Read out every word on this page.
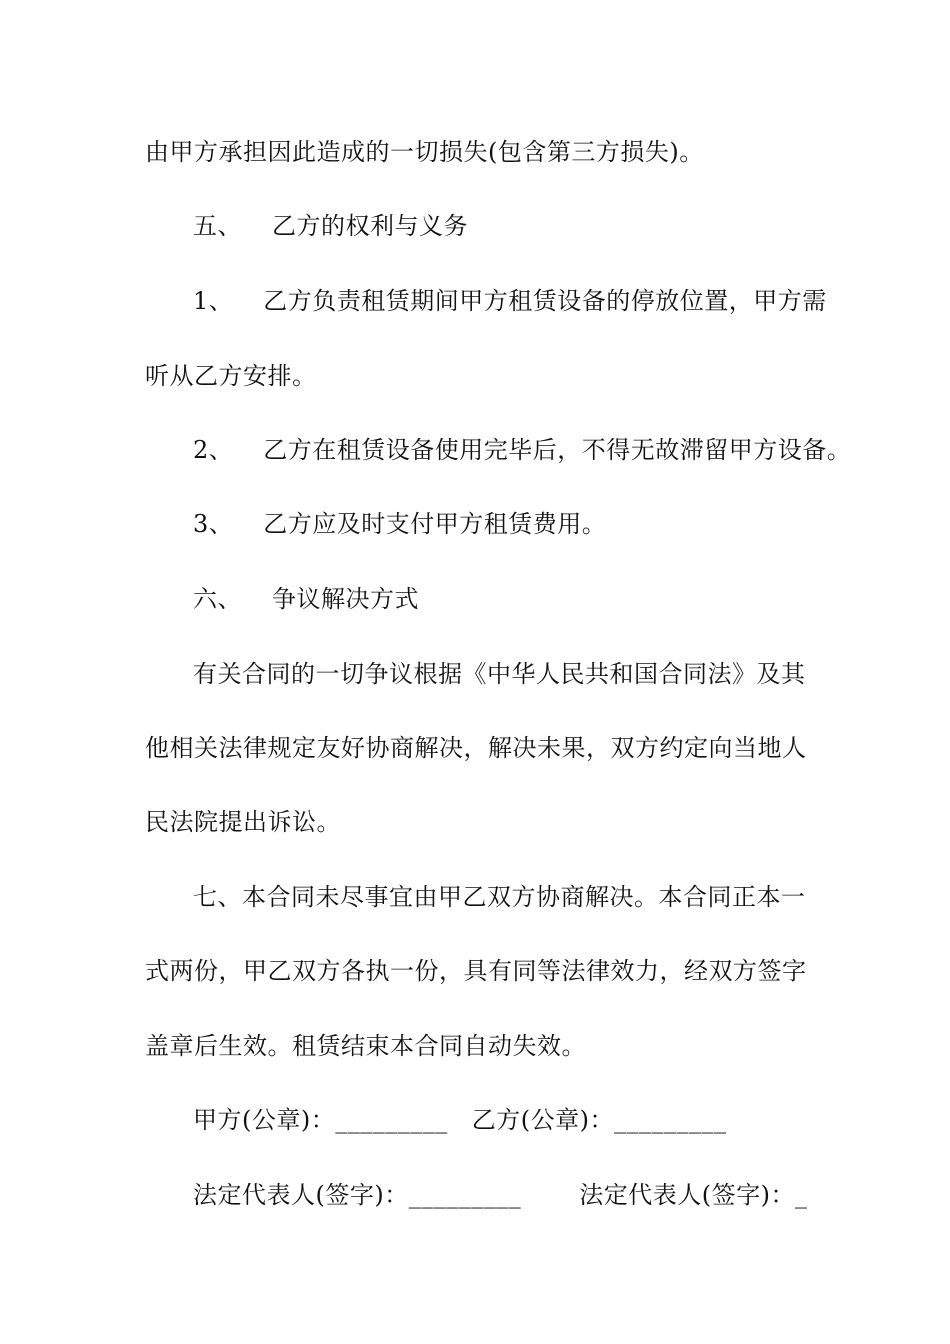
由甲方承担因此造成的一切损失(包含第三方损失)。
五、 乙方的权利与义务
1、 乙方负责租赁期间甲方租赁设备的停放位置，甲方需
听从乙方安排。
2、 乙方在租赁设备使用完毕后，不得无故滞留甲方设备。
3、 乙方应及时支付甲方租赁费用。
六、 争议解决方式
有关合同的一切争议根据《中华人民共和国合同法》及其
他相关法律规定友好协商解决，解决未果，双方约定向当地人
民法院提出诉讼。
七、本合同未尽事宜由甲乙双方协商解决。本合同正本一
式两份，甲乙双方各执一份，具有同等法律效力，经双方签字
盖章后生效。租赁结束本合同自动失效。
甲方(公章)：_________ 乙方(公章)：_________
法定代表人(签字)：_________ 法定代表人(签字)：_
